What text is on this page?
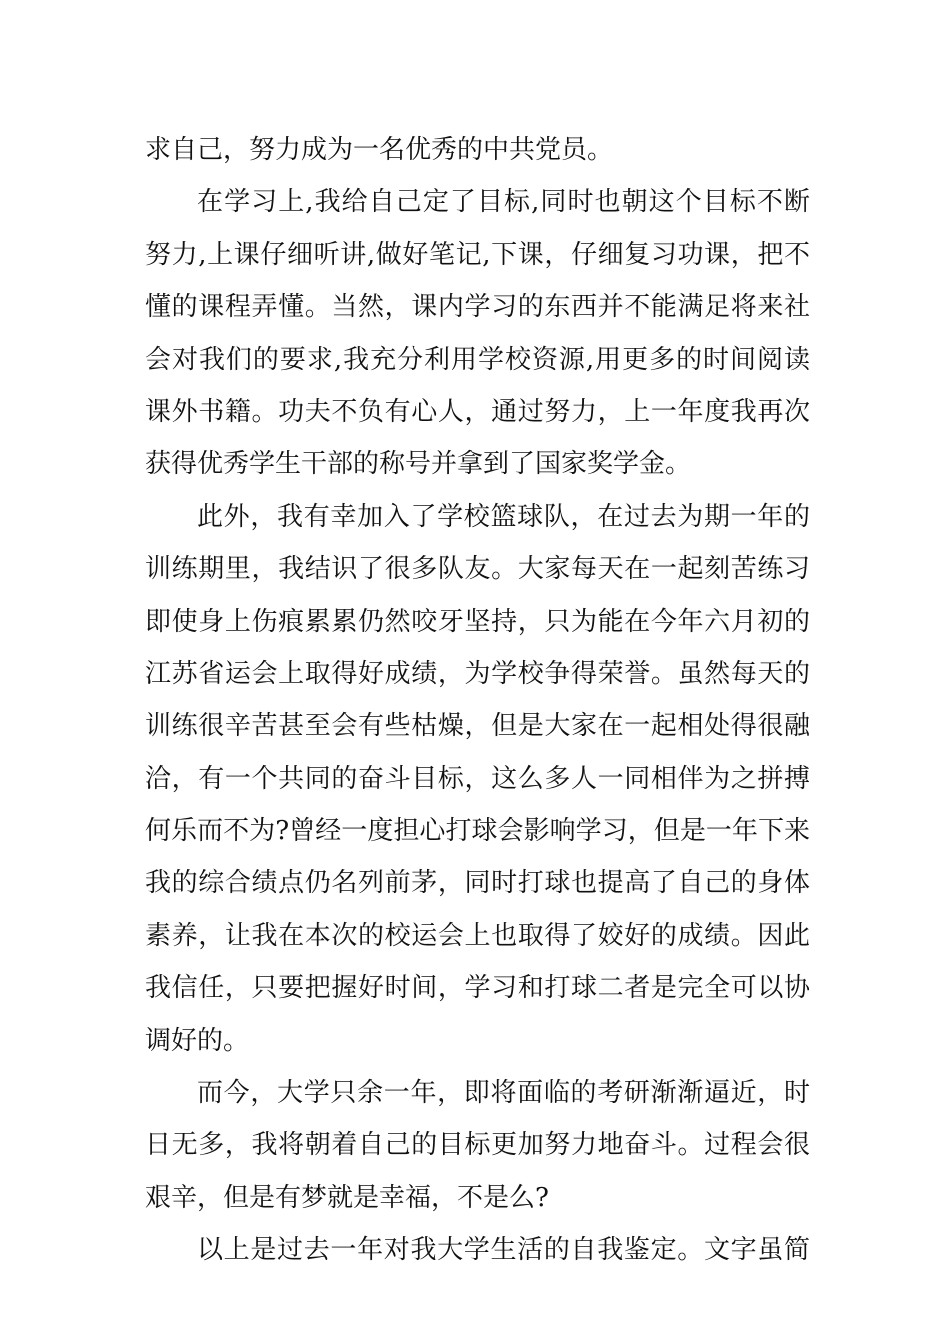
求自己，努力成为一名优秀的中共党员。
在学习上,我给自己定了目标,同时也朝这个目标不断
努力,上课仔细听讲,做好笔记,下课，仔细复习功课，把不
懂的课程弄懂。当然，课内学习的东西并不能满足将来社
会对我们的要求,我充分利用学校资源,用更多的时间阅读
课外书籍。功夫不负有心人，通过努力，上一年度我再次
获得优秀学生干部的称号并拿到了国家奖学金。
此外，我有幸加入了学校篮球队，在过去为期一年的
训练期里，我结识了很多队友。大家每天在一起刻苦练习
即使身上伤痕累累仍然咬牙坚持，只为能在今年六月初的
江苏省运会上取得好成绩，为学校争得荣誉。虽然每天的
训练很辛苦甚至会有些枯燥，但是大家在一起相处得很融
洽，有一个共同的奋斗目标，这么多人一同相伴为之拼搏
何乐而不为?曾经一度担心打球会影响学习，但是一年下来
我的综合绩点仍名列前茅，同时打球也提高了自己的身体
素养，让我在本次的校运会上也取得了姣好的成绩。因此
我信任，只要把握好时间，学习和打球二者是完全可以协
调好的。
而今，大学只余一年，即将面临的考研渐渐逼近，时
日无多，我将朝着自己的目标更加努力地奋斗。过程会很
艰辛，但是有梦就是幸福，不是么?
以上是过去一年对我大学生活的自我鉴定。文字虽简
